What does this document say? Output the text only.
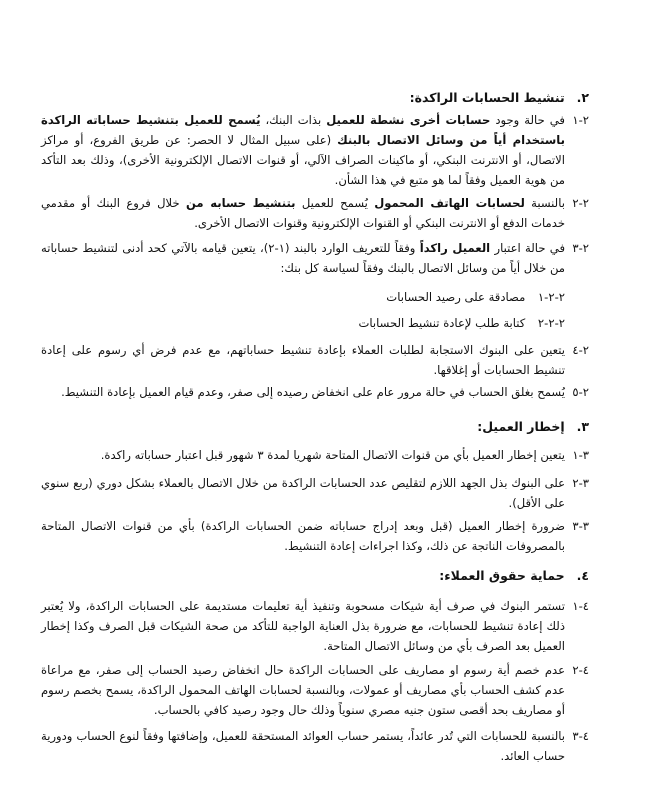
٢. تنشيط الحسابات الراكدة:
٢-١
في حالة وجود حسابات أخرى نشطة للعميل بذات البنك، يُسمح للعميل بتنشيط حساباته الراكدة باستخدام أياً من وسائل الاتصال بالبنك (على سبيل المثال لا الحصر: عن طريق الفروع، أو مراكز الاتصال، أو الانترنت البنكي، أو ماكينات الصراف الآلي، أو قنوات الاتصال الإلكترونية الأخرى)، وذلك بعد التأكد من هوية العميل وفقاً لما هو متبع في هذا الشأن.
٢-٢
بالنسبة لحسابات الهاتف المحمول يُسمح للعميل بتنشيط حسابه من خلال فروع البنك أو مقدمي خدمات الدفع أو الانترنت البنكي أو القنوات الإلكترونية وقنوات الاتصال الأخرى.
٢-٣
في حالة اعتبار العميل راكداً وفقاً للتعريف الوارد بالبند (١-٢)، يتعين قيامه بالآتي كحد أدنى لتنشيط حساباته من خلال أياً من وسائل الاتصال بالبنك وفقاً لسياسة كل بنك:
٢-٢-١ مصادقة على رصيد الحسابات
٢-٢-٢ كتابة طلب لإعادة تنشيط الحسابات
٢-٤
يتعين على البنوك الاستجابة لطلبات العملاء بإعادة تنشيط حساباتهم، مع عدم فرض أي رسوم على إعادة تنشيط الحسابات أو إغلاقها.
٢-٥
يُسمح بغلق الحساب في حالة مرور عام على انخفاض رصيده إلى صفر، وعدم قيام العميل بإعادة التنشيط.
٣. إخطار العميل:
٣-١
يتعين إخطار العميل بأي من قنوات الاتصال المتاحة شهريا لمدة ٣ شهور قبل اعتبار حساباته راكدة.
٣-٢
على البنوك بذل الجهد اللازم لتقليص عدد الحسابات الراكدة من خلال الاتصال بالعملاء بشكل دوري (ربع سنوي على الأقل).
٣-٣
ضرورة إخطار العميل (قبل وبعد إدراج حساباته ضمن الحسابات الراكدة) بأي من قنوات الاتصال المتاحة بالمصروفات الناتجة عن ذلك، وكذا اجراءات إعادة التنشيط.
٤. حماية حقوق العملاء:
٤-١
تستمر البنوك في صرف أية شيكات مسحوبة وتنفيذ أية تعليمات مستديمة على الحسابات الراكدة، ولا يُعتبر ذلك إعادة تنشيط للحسابات، مع ضرورة بذل العناية الواجبة للتأكد من صحة الشيكات قبل الصرف وكذا إخطار العميل بعد الصرف بأي من وسائل الاتصال المتاحة.
٤-٢
عدم خصم أية رسوم او مصاريف على الحسابات الراكدة حال انخفاض رصيد الحساب إلى صفر، مع مراعاة عدم كشف الحساب بأي مصاريف أو عمولات، وبالنسبة لحسابات الهاتف المحمول الراكدة، يسمح بخصم رسوم أو مصاريف بحد أقصى ستون جنيه مصري سنوياً وذلك حال وجود رصيد كافي بالحساب.
٤-٣
بالنسبة للحسابات التي تُدر عائداً، يستمر حساب العوائد المستحقة للعميل، وإضافتها وفقاً لنوع الحساب ودورية حساب العائد.
